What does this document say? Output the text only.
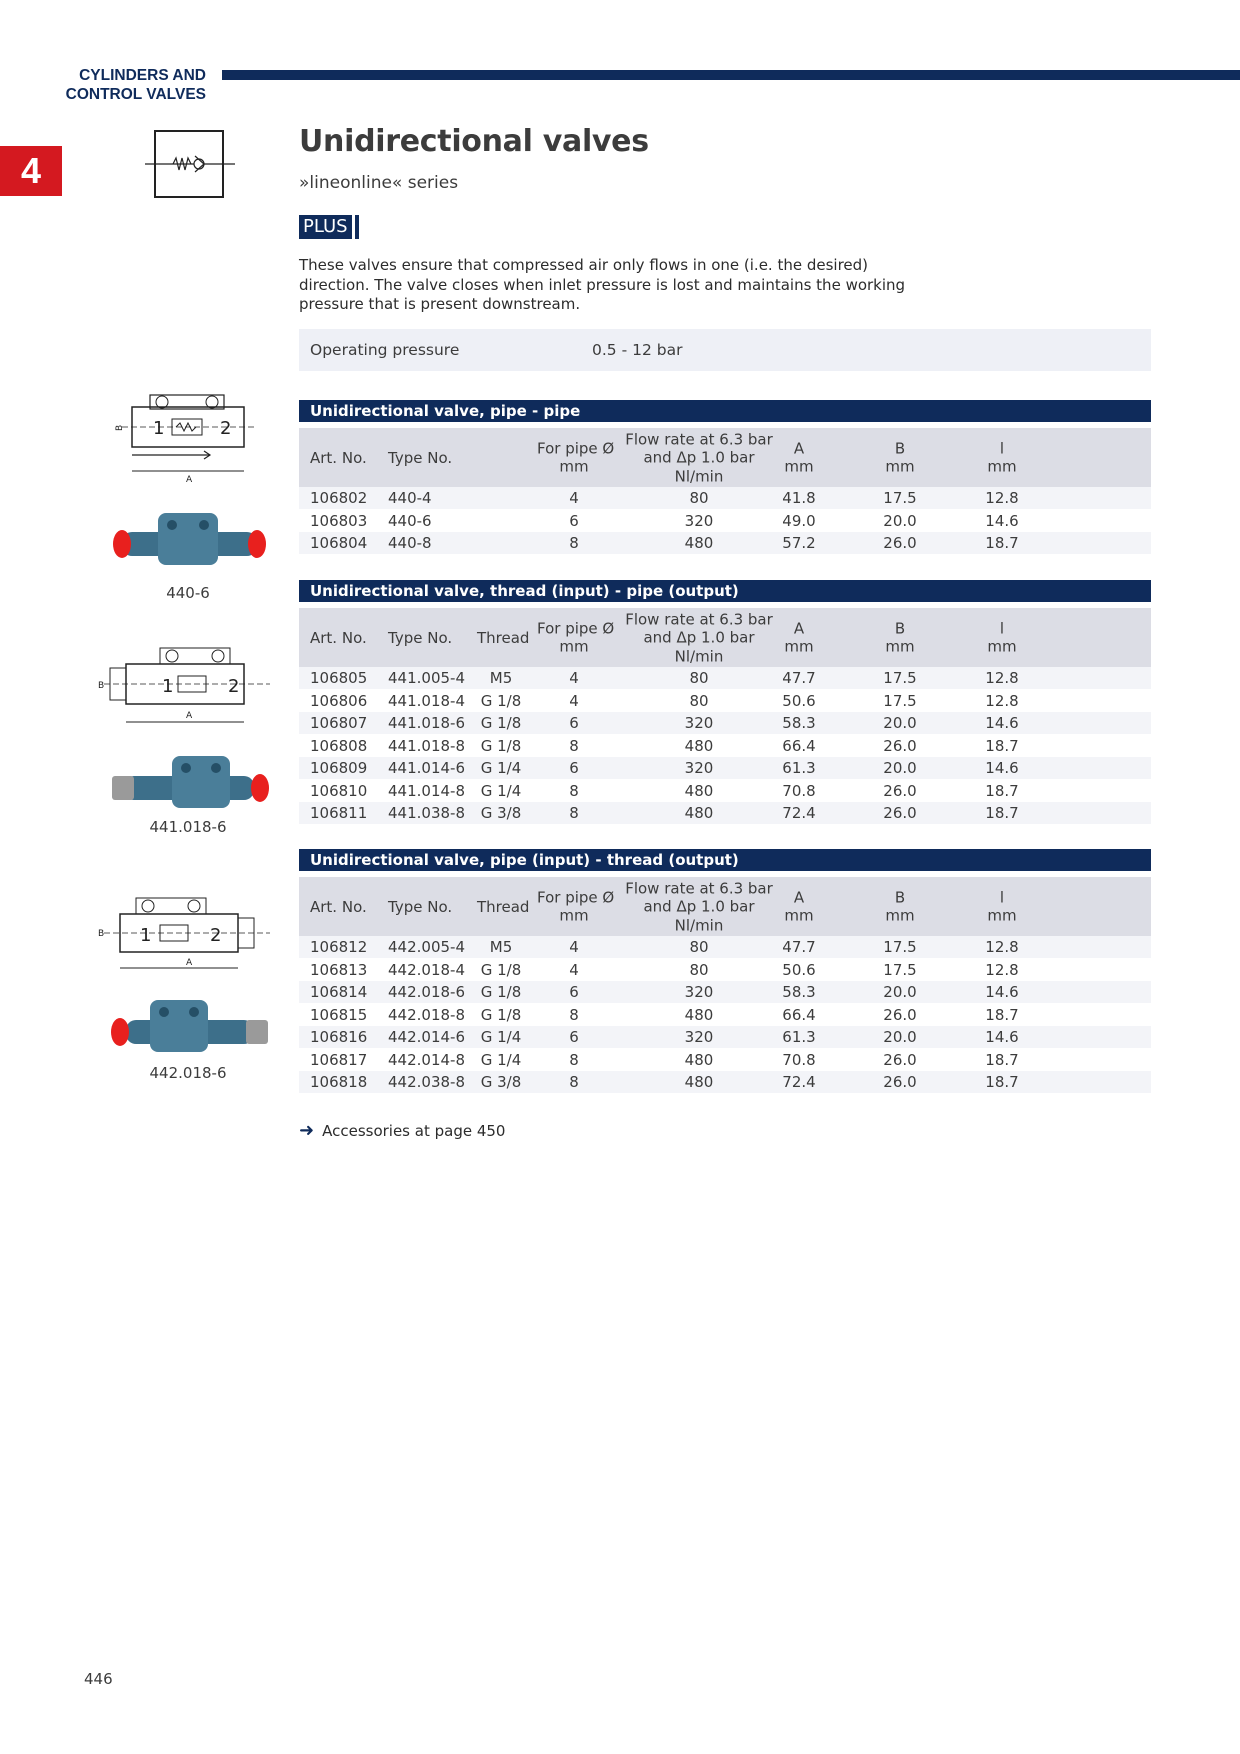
CYLINDERS AND
CONTROL VALVES
4
Unidirectional valves
»lineonline« series
PLUS

These valves ensure that compressed air only flows in one (i.e. the desired) direction. The valve closes when inlet pressure is lost and maintains the working pressure that is present downstream.

Operating pressure	0.5 - 12 bar
Unidirectional valve, pipe - pipe
Art. No. Type No.
For pipe Ø
mm
Flow rate at 6.3 bar
and Δp 1.0 bar
Nl/min
A
mm
B
mm
l
mm
106802 440-4	4	80	41.8	17.5	12.8
106803 440-6	6	320	49.0	20.0	14.6
106804 440-8	8	480	57.2	26.0	18.7
Unidirectional valve, thread (input) - pipe (output)
Art. No. Type No. Thread
For pipe Ø
mm
Flow rate at 6.3 bar
and Δp 1.0 bar
Nl/min
A
mm
B
mm
l
mm
106805 441.005-4	M5	4	80	47.7	17.5	12.8
106806 441.018-4 G 1/8	4	80	50.6	17.5	12.8
106807 441.018-6 G 1/8	6	320	58.3	20.0	14.6
106808 441.018-8 G 1/8	8	480	66.4	26.0	18.7
106809 441.014-6 G 1/4	6	320	61.3	20.0	14.6
106810 441.014-8 G 1/4	8	480	70.8	26.0	18.7
106811 441.038-8 G 3/8	8	480	72.4	26.0	18.7
Unidirectional valve, pipe (input) - thread (output)
Art. No. Type No. Thread
For pipe Ø
mm
Flow rate at 6.3 bar
and Δp 1.0 bar
Nl/min
A
mm
B
mm
l
mm
106812 442.005-4	M5	4	80	47.7	17.5	12.8
106813 442.018-4 G 1/8	4	80	50.6	17.5	12.8
106814 442.018-6 G 1/8	6	320	58.3	20.0	14.6
106815 442.018-8 G 1/8	8	480	66.4	26.0	18.7
106816 442.014-6 G 1/4	6	320	61.3	20.0	14.6
106817 442.014-8 G 1/4	8	480	70.8	26.0	18.7
106818 442.038-8 G 3/8	8	480	72.4	26.0	18.7
1	2
A
B
440-6
1	2
A
B
441.018-6
1	2
A
B
442.018-6
➜ Accessories at page 450
446
